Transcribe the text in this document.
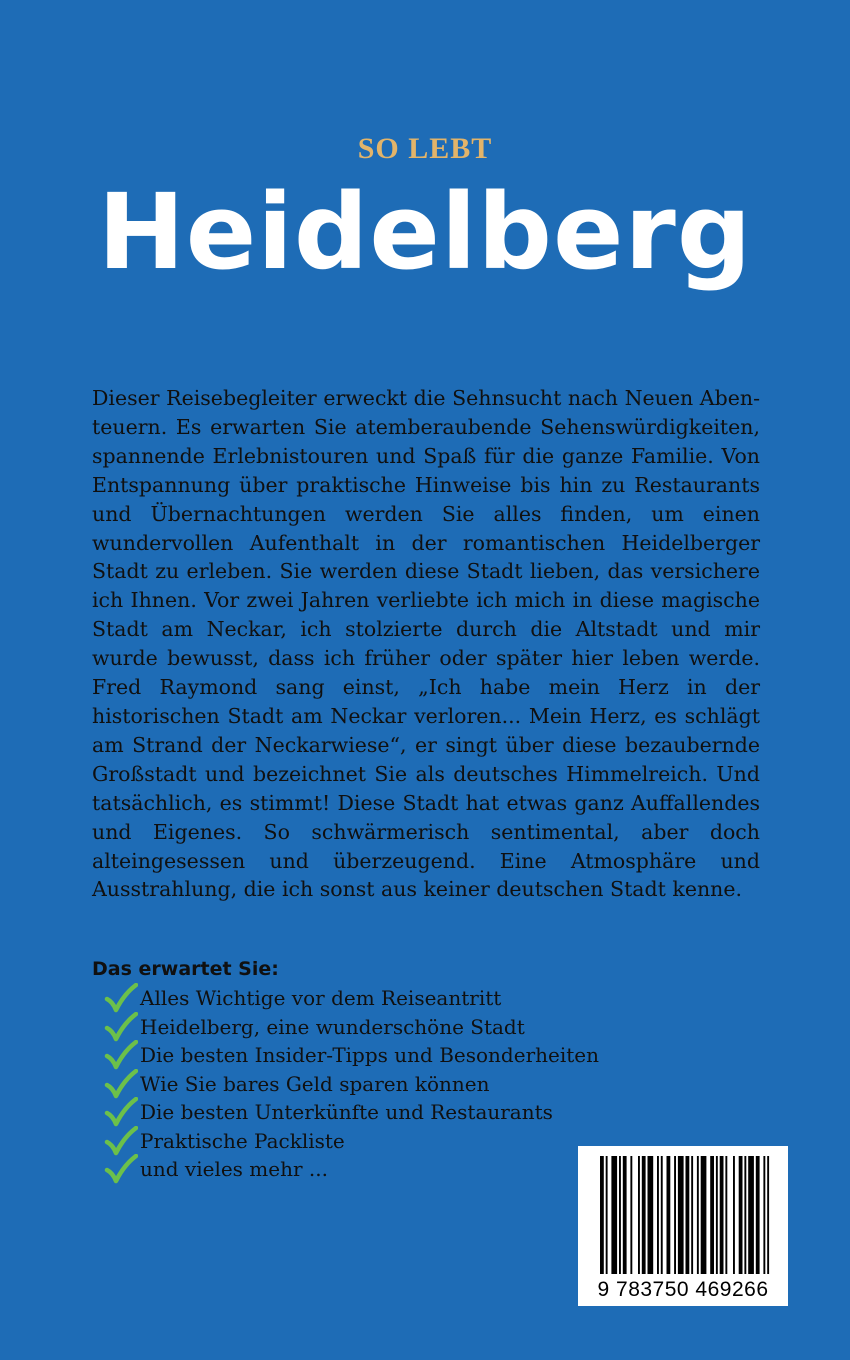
SO LEBT
Heidelberg

Dieser Reisebegleiter erweckt die Sehnsucht nach Neuen Abenteuern. Es erwarten Sie atemberaubende Sehenswürdigkeiten, spannende Erlebnistouren und Spaß für die ganze Familie. Von Entspannung über praktische Hinweise bis hin zu Restaurants und Übernachtungen werden Sie alles finden, um einen wundervollen Aufenthalt in der romantischen Heidelberger Stadt zu erleben. Sie werden diese Stadt lieben, das versichere ich Ihnen. Vor zwei Jahren verliebte ich mich in diese magische Stadt am Neckar, ich stolzierte durch die Altstadt und mir wurde bewusst, dass ich früher oder später hier leben werde. Fred Raymond sang einst, „Ich habe mein Herz in der historischen Stadt am Neckar verloren... Mein Herz, es schlägt am Strand der Neckarwiese“, er singt über diese bezaubernde Großstadt und bezeichnet Sie als deutsches Himmelreich. Und tatsächlich, es stimmt! Diese Stadt hat etwas ganz Auffallendes und Eigenes. So schwärmerisch sentimental, aber doch alteingesessen und überzeugend. Eine Atmosphäre und Ausstrahlung, die ich sonst aus keiner deutschen Stadt kenne.

Das erwartet Sie:
Alles Wichtige vor dem Reiseantritt
Heidelberg, eine wunderschöne Stadt
Die besten Insider-Tipps und Besonderheiten
Wie Sie bares Geld sparen können
Die besten Unterkünfte und Restaurants
Praktische Packliste
und vieles mehr ...
9 783750 469266
